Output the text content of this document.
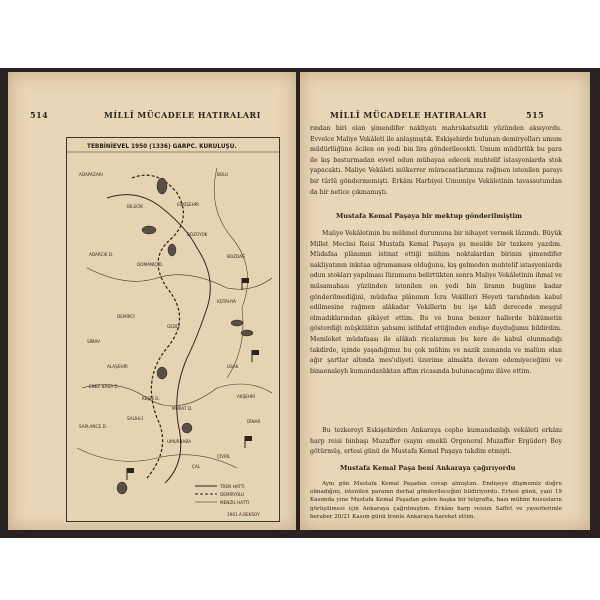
514	MİLLÎ MÜCADELE HATIRALARI
TEBBİNİEVEL 1950 (1336) GARPC. KURULUŞU.
ADAPAZARI	BOLU
ESKİŞEHİR
BİLECİK
BOZÜYÜK
DOMANİÇ D.
ADARCIK D.	BOZDAĞ
KÜTAHYA
USAK
ALAŞEHİR
DEMİRCİ
GEDİZ
SİMAV
ENEZ BABA D.
KEŞİŞ D.
SALİHLİ
MURAT D.
SAPLANCE D.
UMURBABA
ÇİVRİL
DİNAR
AKŞEHİR
ÇAL
TREN HATTI
DEMİRYOLU
MENZİL HATTI
1961 A.BEKSOY
MİLLÎ MÜCADELE HATIRALARI	515

rından biri olan şimendifer nakliyatı mahrukatsızlık yüzünden aksıyordu. Evvelce Maliye Vekâleti ile anlaşmıştık. Eskişehirde bulunan demiryolları umum müdürlüğüne âcilen on yedi bin lira gönderilecekti. Umum müdürlük bu para ile kış basturmadan evvel odun mübayaa edecek muhtelif istasyonlarda stok yapacaktı. Maliye Vekâleti mükerrer müracaatlarımıza rağmen istenilen parayı bir türlü göndermemişti. Erkânı Harbiyei Umumiye Vekâletinin tavassutundan da bir netice çıkmamıştı.

Mustafa Kemal Paşaya bir mektup gönderilmiştim

Maliye Vekâletinin bu mühmel durumuna bir nihayet vermek lâzımdı. Büyük Millet Meclisi Reisi Mustafa Kemal Paşaya şu mealde bir tezkere yazdım. Müdafaa plânımın istinat ettiği mühim noktalardan birinin şimendifer nakliyatının inkıtaa uğramaması olduğunu, kış gelmeden muhtelif istasyonlarda odun stokları yapılması lüzumunu belirttikten sonra Maliye Vekâletinin ihmal ve müsamahası yüzünden istenilen on yedi bin liranın bugüne kadar gönderilmediğini, müdafaa plânımın İcra Vekilleri Heyeti tarafından kabul edilmesine rağmen alâkadar Vekillerin bu işe kâfi derecede meşgul olmadıklarından şikâyet ettim. Bu ve buna benzer hallerde hükümetin gösterdiği müşkülâtın şahsımı istihdaf ettiğinden endişe duyduğumu bildirdim. Memleket müdafaası ile alâkalı ricalarımın bu kere de kabul olunmadığı takdirde, içinde yaşadığımız bu çok mühim ve nazik zamanda ve malûm olan ağır şartlar altında mes'uliyeti üzerime almakta devam edemiyeceğimi ve binaenaleyh kumandanlıktan affım ricasında bulunacağımı ilâve ettim.

Bu tezkereyi Eskişehirden Ankaraya cephe kumandanlığı vekâleti erkânı harp reisi binbaşı Muzaffer (sayın emekli Orgeneral Muzaffer Ergüder) Bey götürmüş, ertesi günü de Mustafa Kemal Paşaya takdim etmişti.

Mustafa Kemal Paşa beni Ankaraya çağırıyordu

Aynı gün Mustafa Kemal Paşadan cevap almıştım. Endişeye düşmemiz doğru olmadığını, istenilen paranın derhal gönderileceğini bildiriyordu. Ertesi günü, yani 19 Kasımda yine Mustafa Kemal Paşadan gelen başka bir telgrafta, bazı mühim hususların görüşülmesi için Ankaraya çağrılmıştım. Erkânı harp reisim Saffet ve yaverlerimle beraber 20/21 Kasım günü trenle Ankaraya hareket ettim.
